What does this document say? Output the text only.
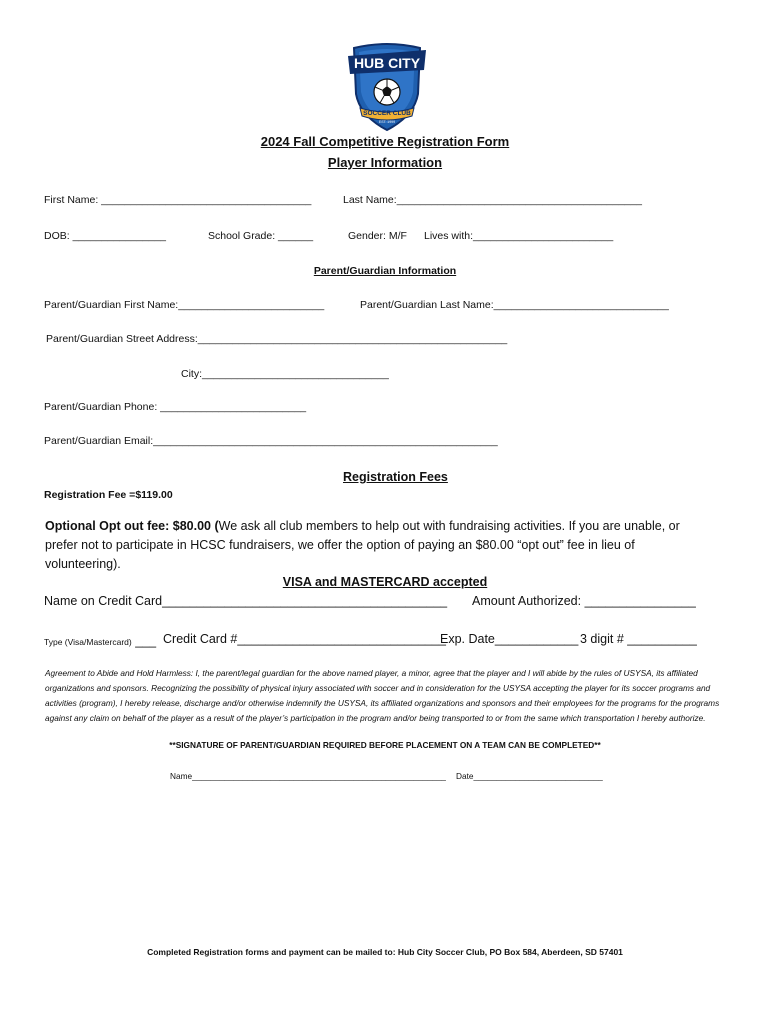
HUB CITY
SOCCER CLUB
EST. 1999
2024 Fall Competitive Registration Form
Player Information
First Name: ____________________________________	Last Name:__________________________________________
DOB: ________________	School Grade: ______	Gender: M/F Lives with:________________________
Parent/Guardian Information
Parent/Guardian First Name:_________________________	Parent/Guardian Last Name:______________________________
Parent/Guardian Street Address:_____________________________________________________
City:________________________________
Parent/Guardian Phone: _________________________
Parent/Guardian Email:___________________________________________________________
Registration Fees
Registration Fee =$119.00
Optional Opt out fee: $80.00 (We ask all club members to help out with fundraising activities. If you are unable, or prefer not to participate in HCSC fundraisers, we offer the option of paying an $80.00 “opt out” fee in lieu of volunteering).
VISA and MASTERCARD accepted
Name on Credit Card_________________________________________ Amount Authorized: ________________
Type (Visa/Mastercard) ___ Credit Card #______________________________
Exp. Date____________ 3 digit # __________
Agreement to Abide and Hold Harmless: I, the parent/legal guardian for the above named player, a minor, agree that the player and I will abide by the rules of USYSA, its affiliated organizations and sponsors. Recognizing the possibility of physical injury associated with soccer and in consideration for the USYSA accepting the player for its soccer programs and activities (program), I hereby release, discharge and/or otherwise indemnify the USYSA, its affiliated organizations and sponsors and their employees for the programs for the programs against any claim on behalf of the player as a result of the player’s participation in the program and/or being transported to or from the same which transportation I hereby authorize.
**SIGNATURE OF PARENT/GUARDIAN REQUIRED BEFORE PLACEMENT ON A TEAM CAN BE COMPLETED**
Name_______________________________________________________ Date____________________________
Completed Registration forms and payment can be mailed to: Hub City Soccer Club, PO Box 584, Aberdeen, SD 57401
